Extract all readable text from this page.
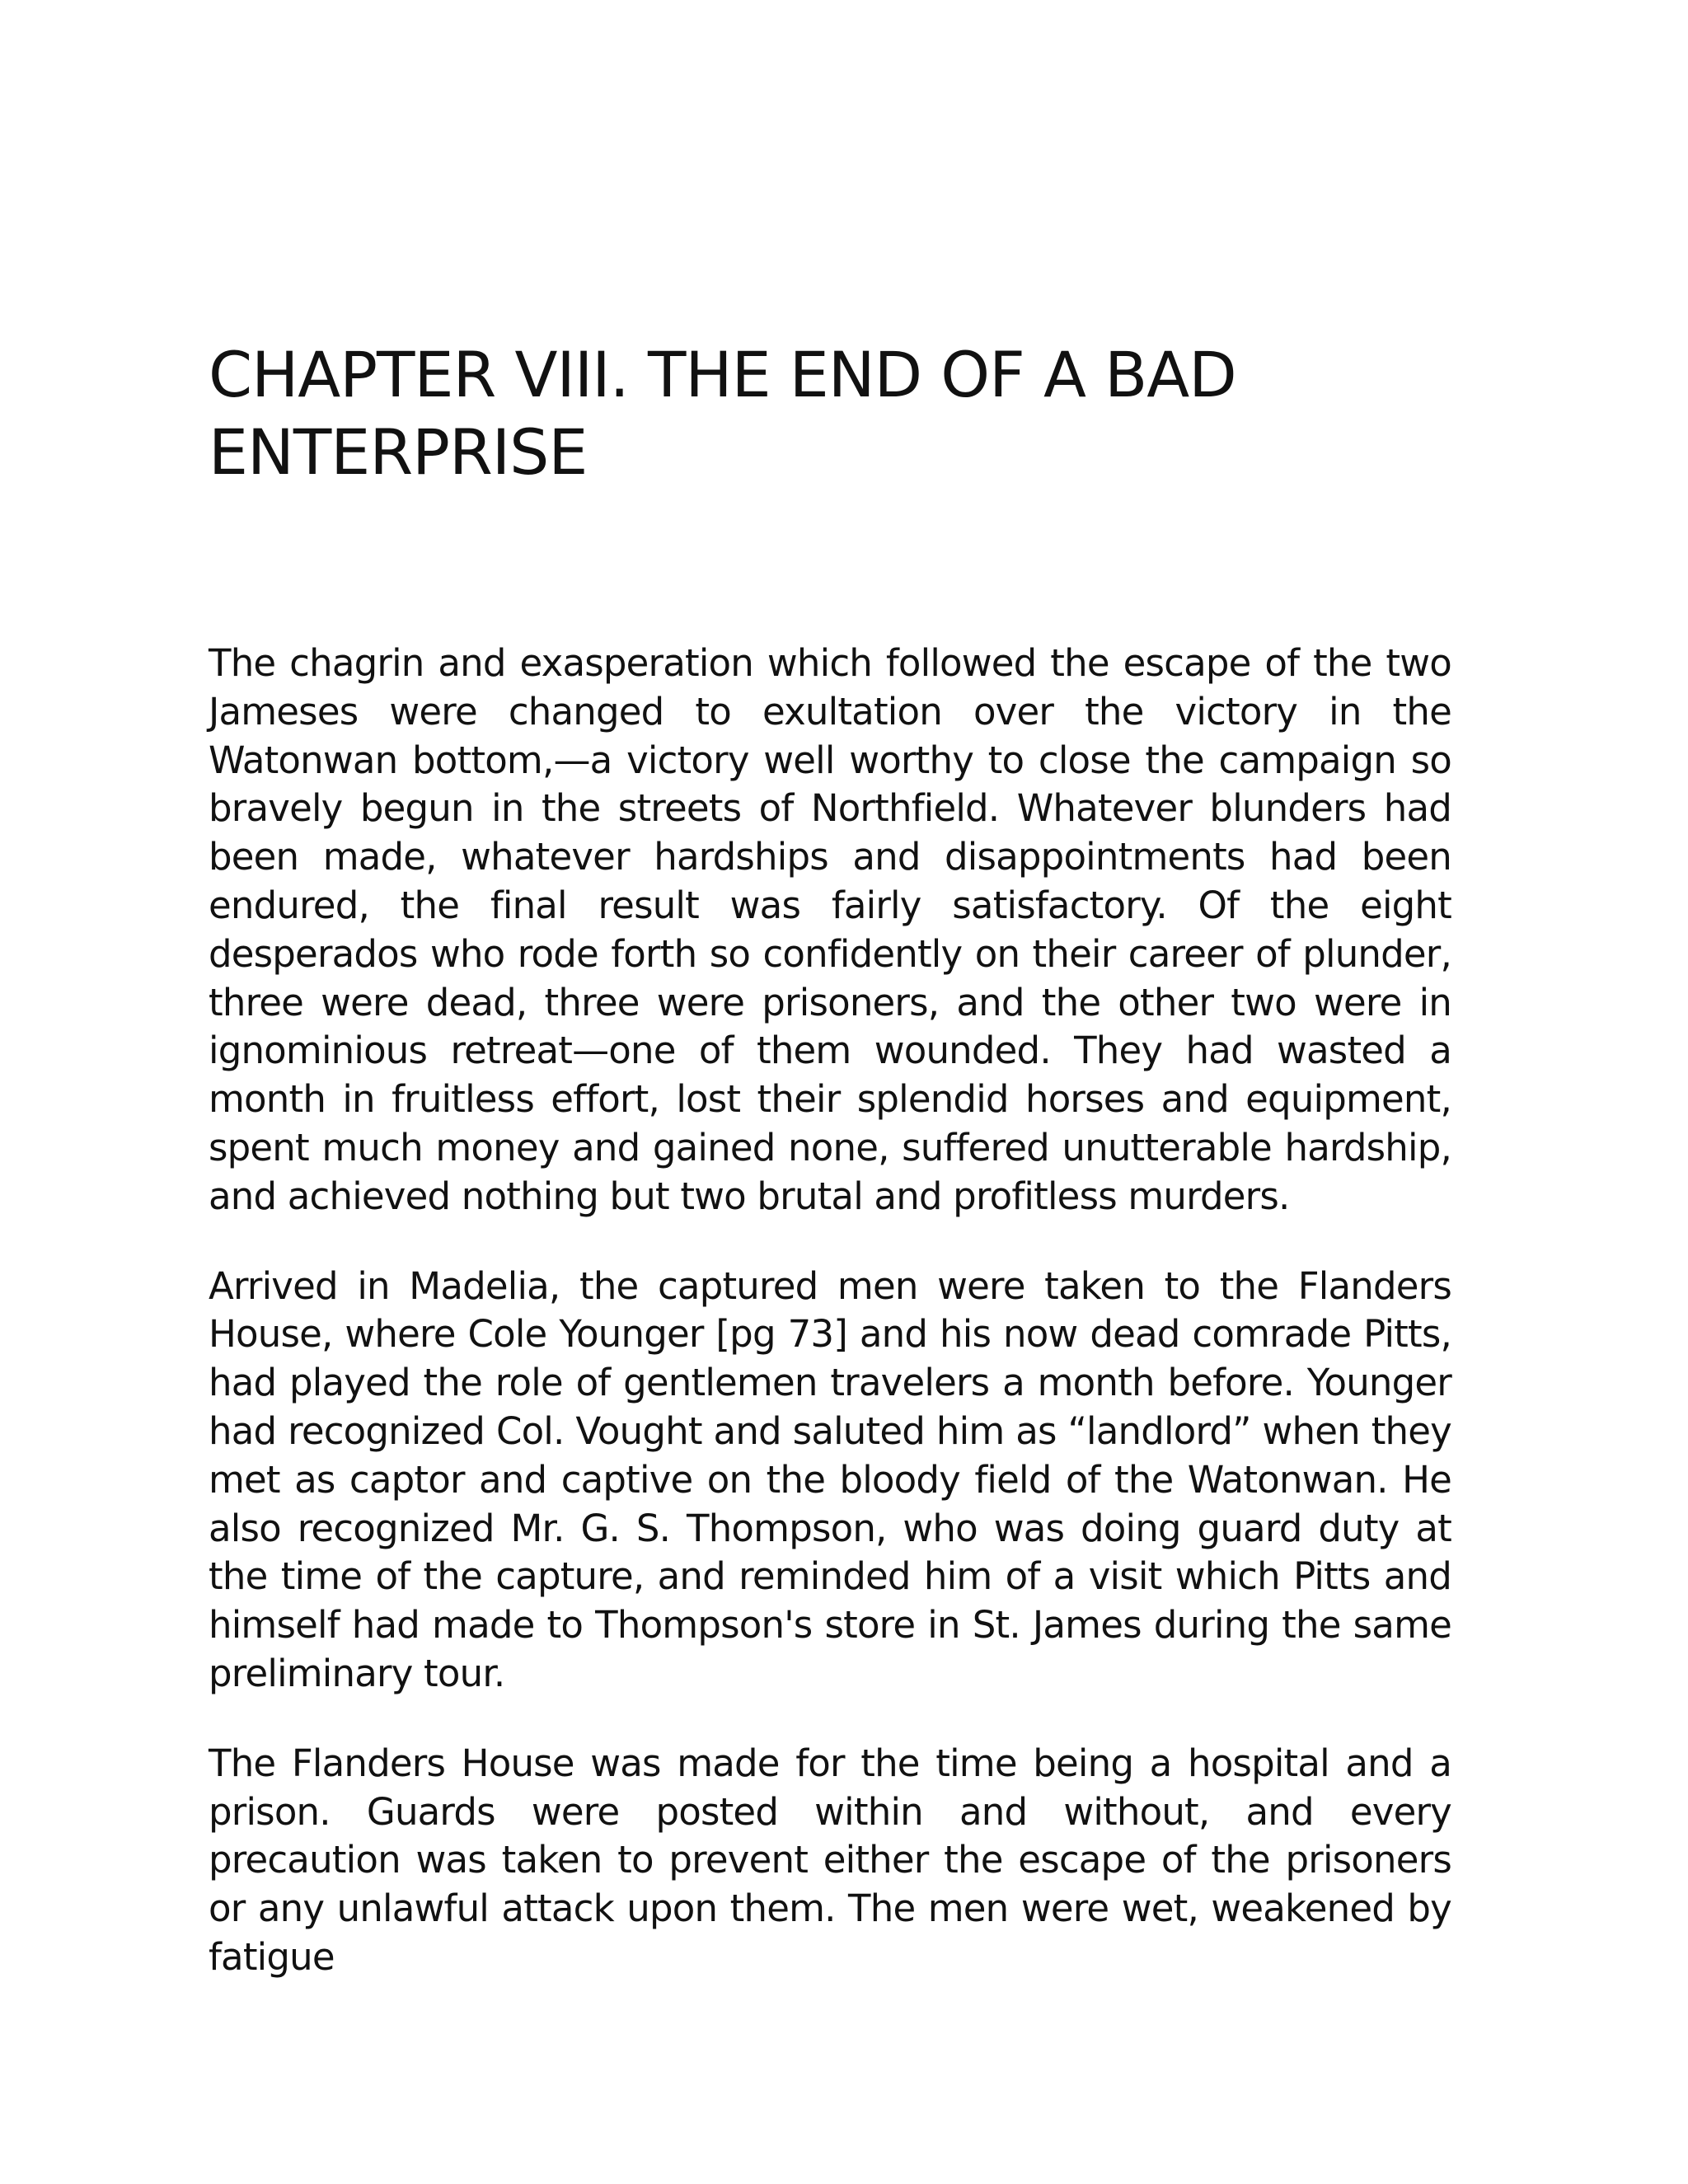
CHAPTER VIII. THE END OF A BAD ENTERPRISE

The chagrin and exasperation which followed the escape of the two Jameses were changed to exultation over the victory in the Watonwan bottom,—a victory well worthy to close the campaign so bravely begun in the streets of Northfield. Whatever blunders had been made, whatever hardships and disappointments had been endured, the final result was fairly satisfactory. Of the eight desperados who rode forth so confidently on their career of plunder, three were dead, three were prisoners, and the other two were in ignominious retreat—one of them wounded. They had wasted a month in fruitless effort, lost their splendid horses and equipment, spent much money and gained none, suffered unutterable hardship, and achieved nothing but two brutal and profitless murders.

Arrived in Madelia, the captured men were taken to the Flanders House, where Cole Younger [pg 73] and his now dead comrade Pitts, had played the role of gentlemen travelers a month before. Younger had recognized Col. Vought and saluted him as “landlord” when they met as captor and captive on the bloody field of the Watonwan. He also recognized Mr. G. S. Thompson, who was doing guard duty at the time of the capture, and reminded him of a visit which Pitts and himself had made to Thompson's store in St. James during the same preliminary tour.

The Flanders House was made for the time being a hospital and a prison. Guards were posted within and without, and every precaution was taken to prevent either the escape of the prisoners or any unlawful attack upon them. The men were wet, weakened by fatigue
